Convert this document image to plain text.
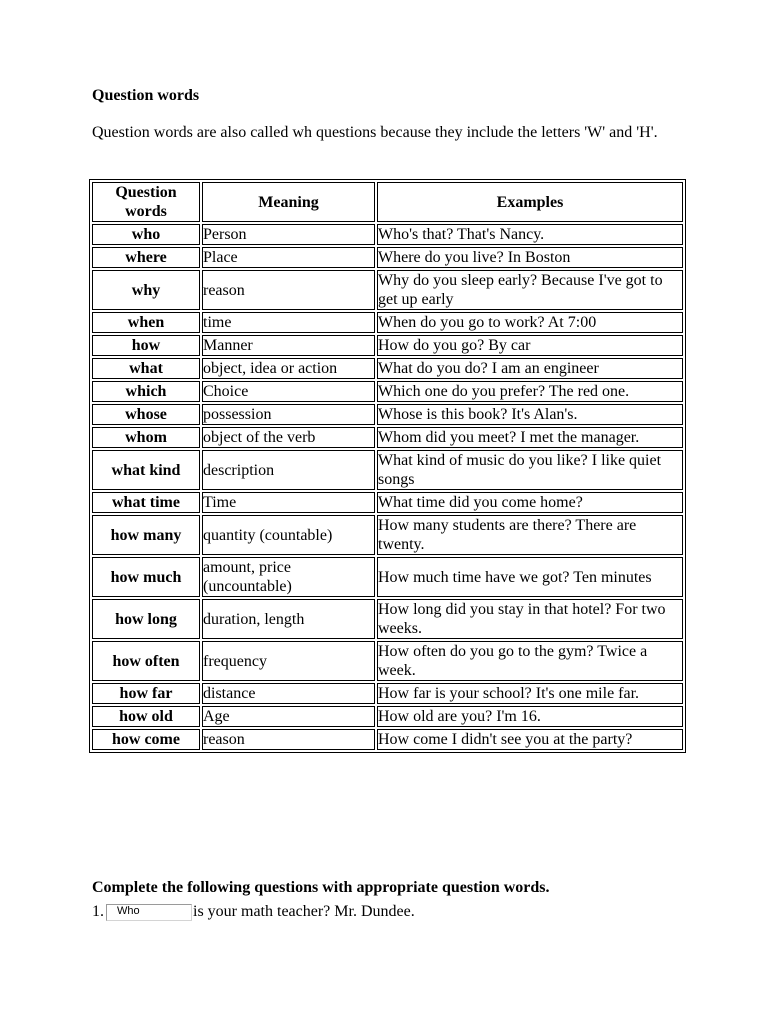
Question words
Question words are also called wh questions because they include the letters 'W' and 'H'.
Question words	Meaning	Examples
who	Person	Who's that? That's Nancy.
where	Place	Where do you live? In Boston
why	reason	Why do you sleep early? Because I've got to get up early
when	time	When do you go to work? At 7:00
how	Manner	How do you go? By car
what	object, idea or action	What do you do? I am an engineer
which	Choice	Which one do you prefer? The red one.
whose	possession	Whose is this book? It's Alan's.
whom	object of the verb	Whom did you meet? I met the manager.
what kind	description	What kind of music do you like? I like quiet songs
what time	Time	What time did you come home?
how many	quantity (countable)	How many students are there? There are twenty.
how much	amount, price (uncountable)	How much time have we got? Ten minutes
how long	duration, length	How long did you stay in that hotel? For two weeks.
how often	frequency	How often do you go to the gym? Twice a week.
how far	distance	How far is your school? It's one mile far.
how old	Age	How old are you? I'm 16.
how come	reason	How come I didn't see you at the party?
Complete the following questions with appropriate question words.
1.	Who	is your math teacher? Mr. Dundee.
